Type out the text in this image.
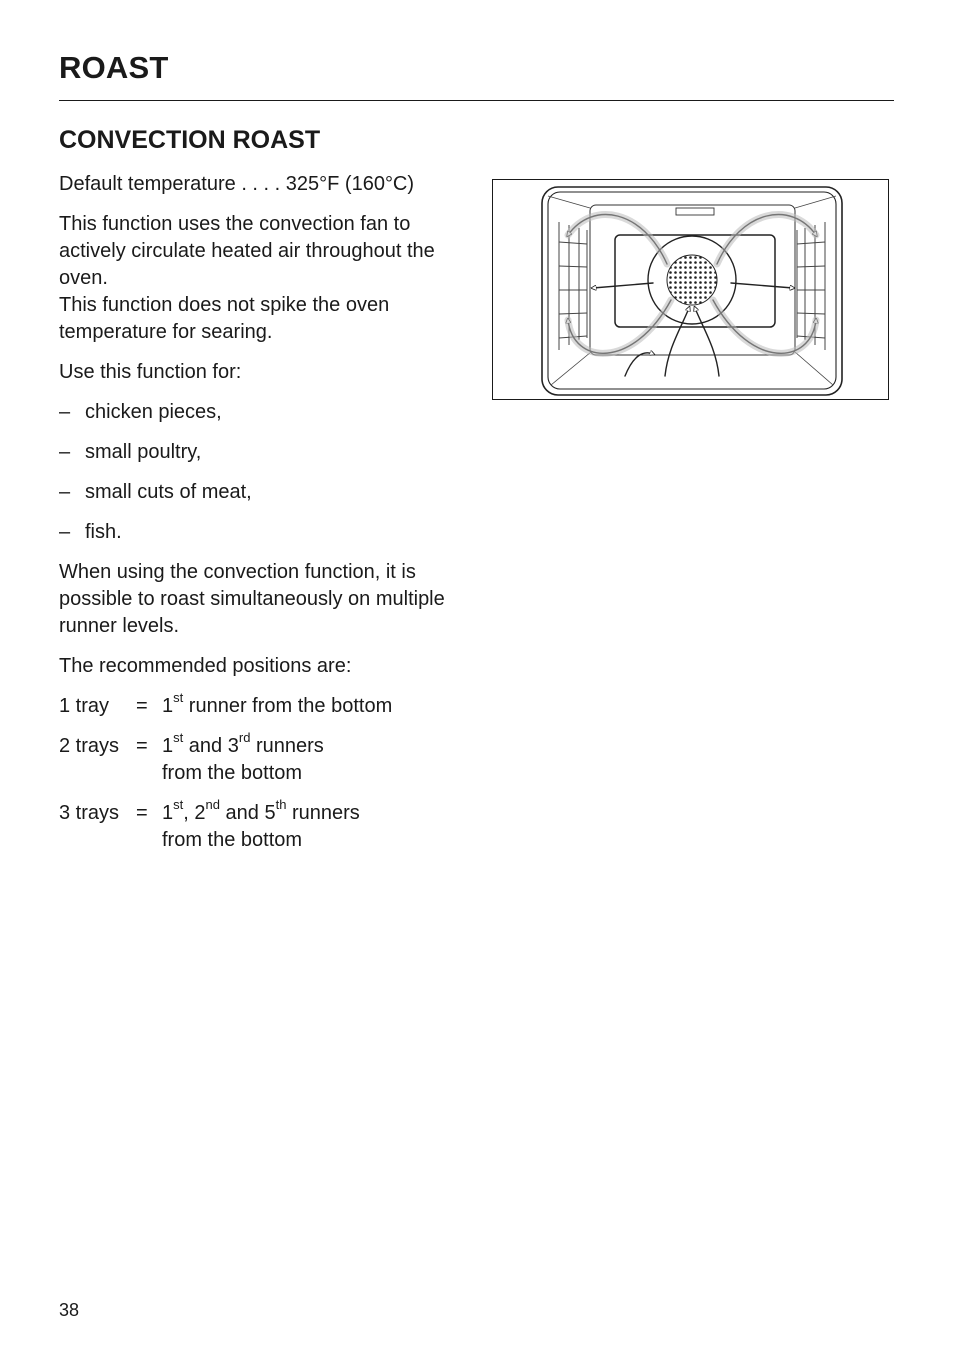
ROAST
CONVECTION ROAST

Default temperature . . . . 325°F (160°C)

This function uses the convection fan to actively circulate heated air throughout the oven.

This function does not spike the oven temperature for searing.

Use this function for:

– chicken pieces,
– small poultry,
– small cuts of meat,
– fish.

When using the convection function, it is possible to roast simultaneously on multiple runner levels.

The recommended positions are:

1 tray	= 1st runner from the bottom
2 trays = 1st and 3rd runners
from the bottom
3 trays = 1st, 2nd and 5th runners
from the bottom
38
